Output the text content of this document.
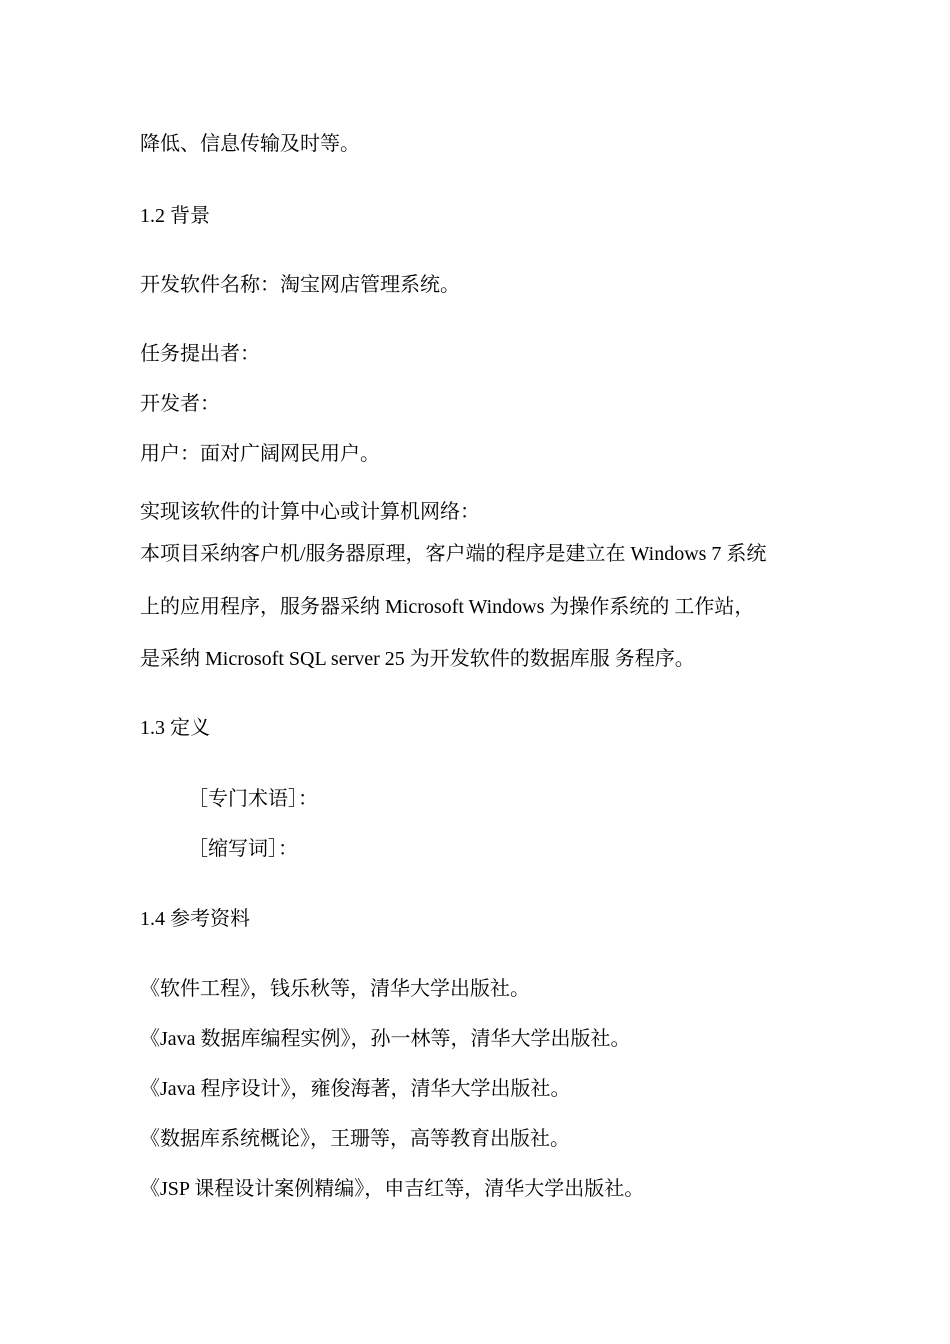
降低、信息传输及时等。

1.2 背景

开发软件名称：淘宝网店管理系统。

任务提出者：

开发者：

用户：面对广阔网民用户。

实现该软件的计算中心或计算机网络：

本项目采纳客户机/服务器原理，客户端的程序是建立在 Windows 7 系统

上的应用程序，服务器采纳 Microsoft Windows 为操作系统的 工作站，

是采纳 Microsoft SQL server 25 为开发软件的数据库服 务程序。

1.3 定义

［专门术语］：

［缩写词］：

1.4 参考资料

《软件工程》，钱乐秋等，清华大学出版社。

《Java 数据库编程实例》，孙一林等，清华大学出版社。

《Java 程序设计》，雍俊海著，清华大学出版社。

《数据库系统概论》，王珊等，高等教育出版社。

《JSP 课程设计案例精编》，申吉红等，清华大学出版社。
